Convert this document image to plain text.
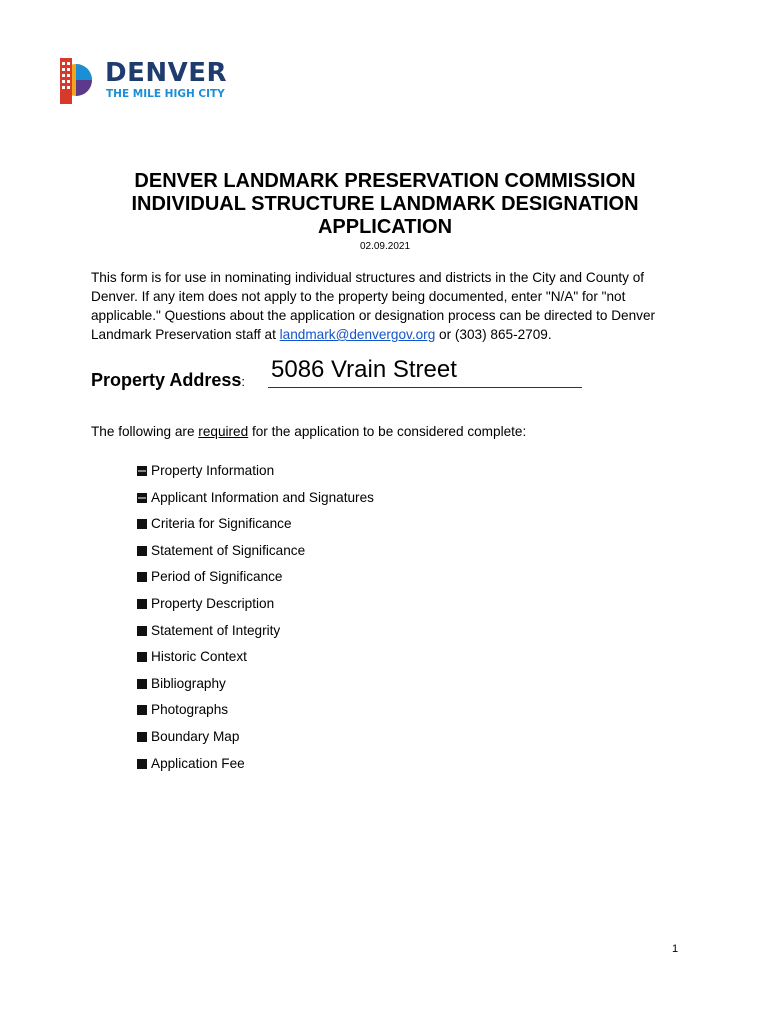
DENVER
THE MILE HIGH CITY
DENVER LANDMARK PRESERVATION COMMISSION
INDIVIDUAL STRUCTURE LANDMARK DESIGNATION
APPLICATION
02.09.2021
This form is for use in nominating individual structures and districts in the City and County of Denver. If any item does not apply to the property being documented, enter "N/A" for "not applicable." Questions about the application or designation process can be directed to Denver Landmark Preservation staff at landmark@denvergov.org or (303) 865-2709.
Property Address: 5086 Vrain Street
The following are required for the application to be considered complete:
Property Information
Applicant Information and Signatures
Criteria for Significance
Statement of Significance
Period of Significance
Property Description
Statement of Integrity
Historic Context
Bibliography
Photographs
Boundary Map
Application Fee
1
